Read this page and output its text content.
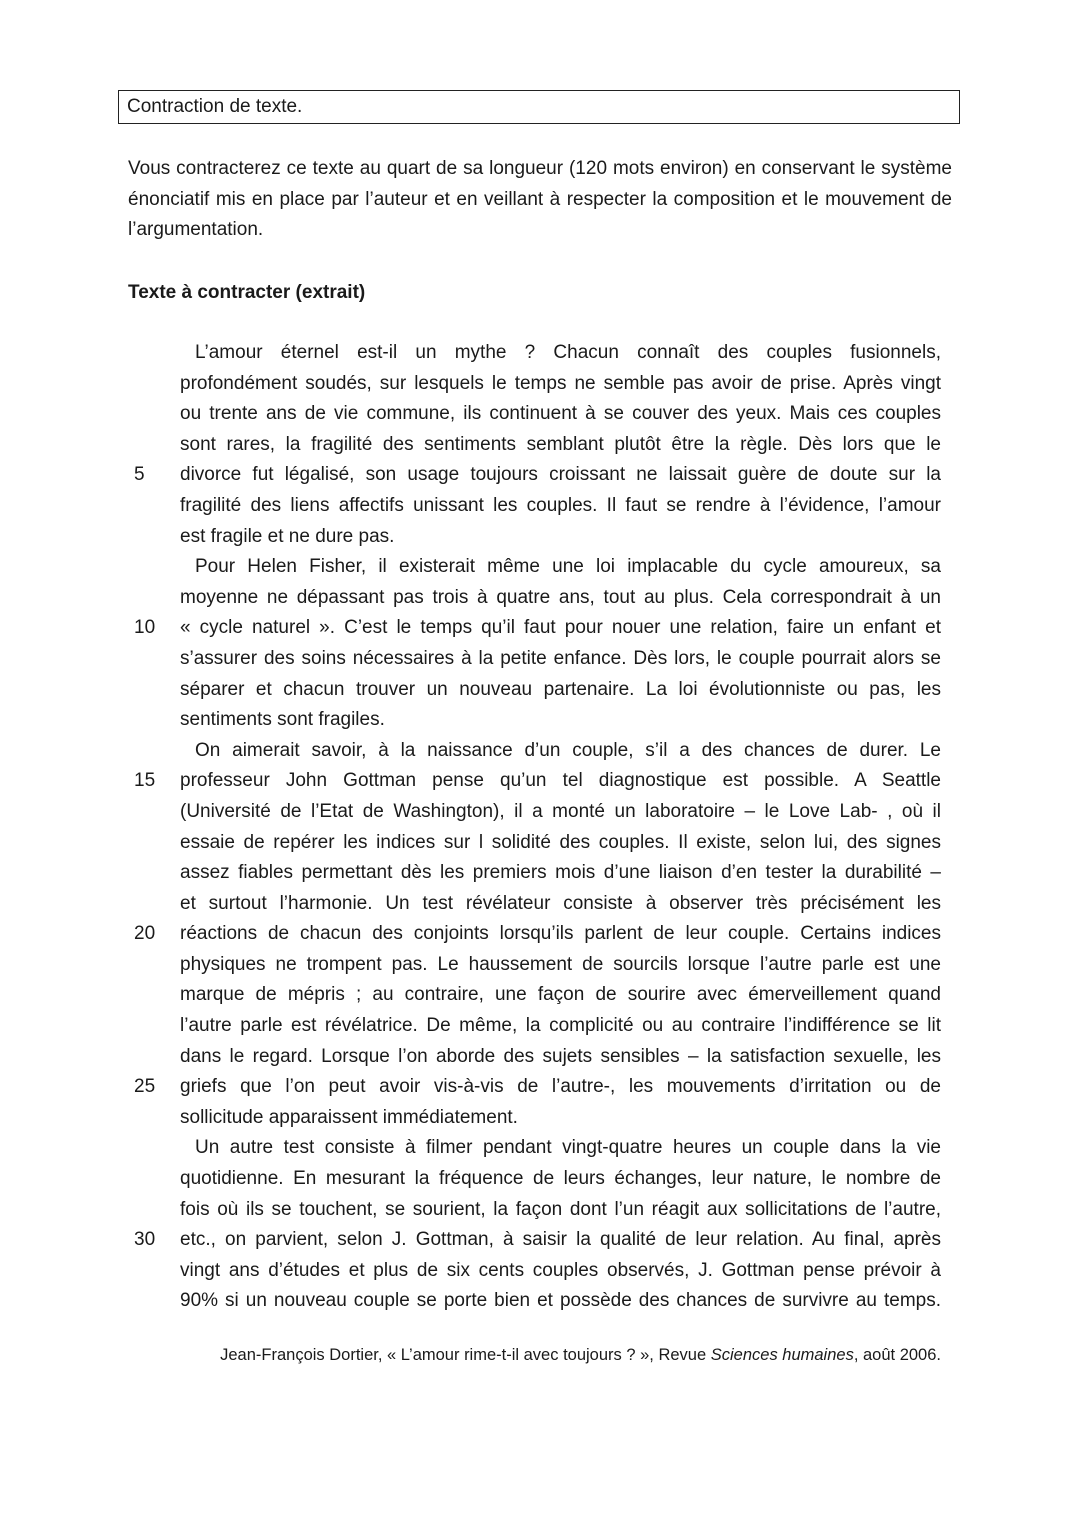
Contraction de texte.

Vous contracterez ce texte au quart de sa longueur (120 mots environ) en conservant le système énonciatif mis en place par l’auteur et en veillant à respecter la composition et le mouvement de l’argumentation.

Texte à contracter (extrait)
L’amour éternel est-il un mythe ? Chacun connaît des couples fusionnels,
profondément soudés, sur lesquels le temps ne semble pas avoir de prise. Après vingt
ou trente ans de vie commune, ils continuent à se couver des yeux. Mais ces couples
sont rares, la fragilité des sentiments semblant plutôt être la règle. Dès lors que le
divorce fut légalisé, son usage toujours croissant ne laissait guère de doute sur la
5
fragilité des liens affectifs unissant les couples. Il faut se rendre à l’évidence, l’amour
est fragile et ne dure pas.
Pour Helen Fisher, il existerait même une loi implacable du cycle amoureux, sa
moyenne ne dépassant pas trois à quatre ans, tout au plus. Cela correspondrait à un
« cycle naturel ». C’est le temps qu’il faut pour nouer une relation, faire un enfant et
10
s’assurer des soins nécessaires à la petite enfance. Dès lors, le couple pourrait alors se
séparer et chacun trouver un nouveau partenaire. La loi évolutionniste ou pas, les
sentiments sont fragiles.
On aimerait savoir, à la naissance d’un couple, s’il a des chances de durer. Le
professeur John Gottman pense qu’un tel diagnostique est possible. A Seattle
15
(Université de l’Etat de Washington), il a monté un laboratoire – le Love Lab- , où il
essaie de repérer les indices sur l solidité des couples. Il existe, selon lui, des signes
assez fiables permettant dès les premiers mois d’une liaison d’en tester la durabilité –
et surtout l’harmonie. Un test révélateur consiste à observer très précisément les
réactions de chacun des conjoints lorsqu’ils parlent de leur couple. Certains indices
20
physiques ne trompent pas. Le haussement de sourcils lorsque l’autre parle est une
marque de mépris ; au contraire, une façon de sourire avec émerveillement quand
l’autre parle est révélatrice. De même, la complicité ou au contraire l’indifférence se lit
dans le regard. Lorsque l’on aborde des sujets sensibles – la satisfaction sexuelle, les
griefs que l’on peut avoir vis-à-vis de l’autre-, les mouvements d’irritation ou de
25
sollicitude apparaissent immédiatement.
Un autre test consiste à filmer pendant vingt-quatre heures un couple dans la vie
quotidienne. En mesurant la fréquence de leurs échanges, leur nature, le nombre de
fois où ils se touchent, se sourient, la façon dont l’un réagit aux sollicitations de l’autre,
etc., on parvient, selon J. Gottman, à saisir la qualité de leur relation. Au final, après
30
vingt ans d’études et plus de six cents couples observés, J. Gottman pense prévoir à
90% si un nouveau couple se porte bien et possède des chances de survivre au temps.
Jean-François Dortier, « L’amour rime-t-il avec toujours ? », Revue Sciences humaines, août 2006.
